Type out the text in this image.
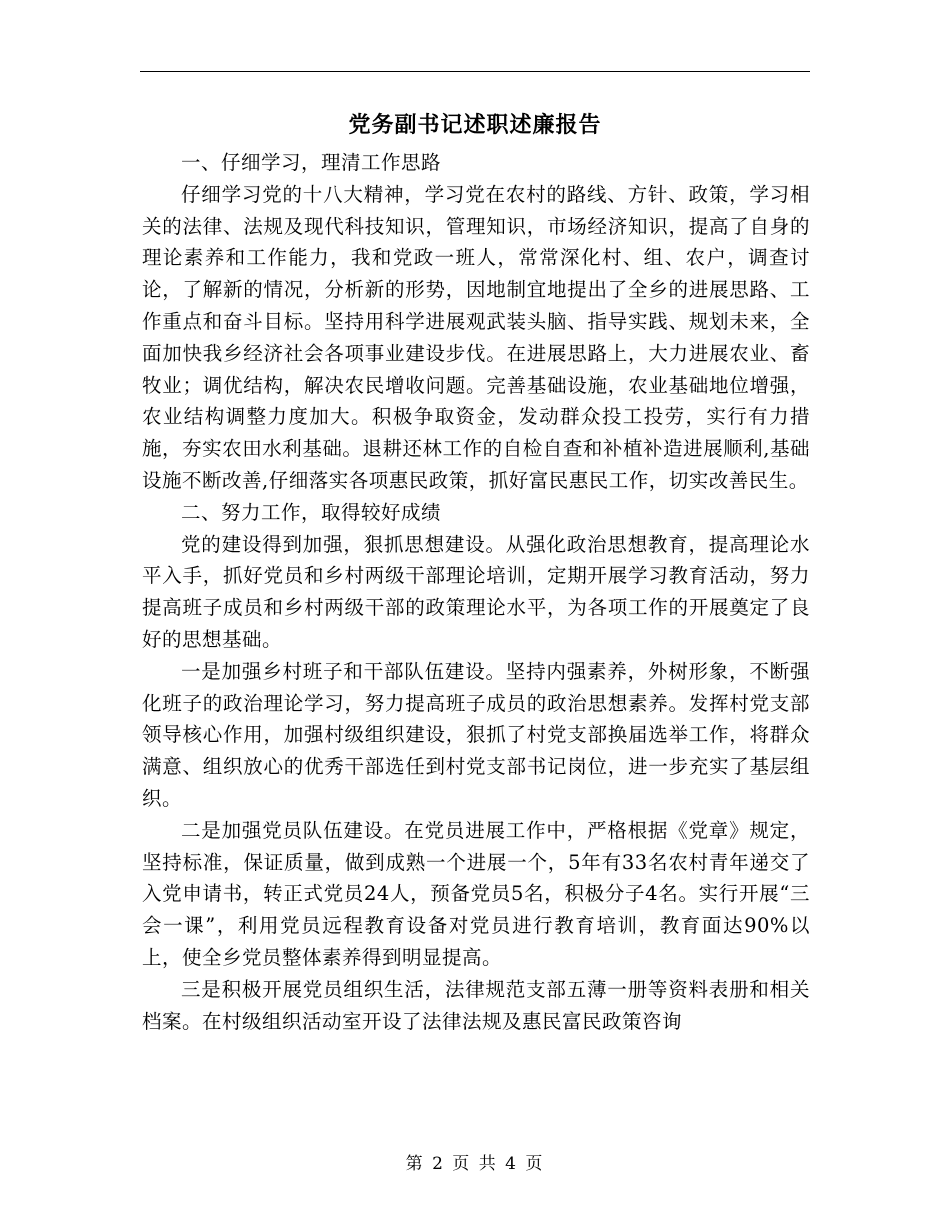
党务副书记述职述廉报告

一、仔细学习，理清工作思路

仔细学习党的十八大精神，学习党在农村的路线、方针、政策，学习相关的法律、法规及现代科技知识，管理知识，市场经济知识，提高了自身的理论素养和工作能力，我和党政一班人，常常深化村、组、农户，调查讨论，了解新的情况，分析新的形势，因地制宜地提出了全乡的进展思路、工作重点和奋斗目标。坚持用科学进展观武装头脑、指导实践、规划未来，全面加快我乡经济社会各项事业建设步伐。在进展思路上，大力进展农业、畜牧业；调优结构，解决农民增收问题。完善基础设施，农业基础地位增强，农业结构调整力度加大。积极争取资金，发动群众投工投劳，实行有力措施，夯实农田水利基础。退耕还林工作的自检自查和补植补造进展顺利,基础设施不断改善,仔细落实各项惠民政策，抓好富民惠民工作，切实改善民生。

二、努力工作，取得较好成绩

党的建设得到加强，狠抓思想建设。从强化政治思想教育，提高理论水平入手，抓好党员和乡村两级干部理论培训，定期开展学习教育活动，努力提高班子成员和乡村两级干部的政策理论水平，为各项工作的开展奠定了良好的思想基础。

一是加强乡村班子和干部队伍建设。坚持内强素养，外树形象，不断强化班子的政治理论学习，努力提高班子成员的政治思想素养。发挥村党支部领导核心作用，加强村级组织建设，狠抓了村党支部换届选举工作，将群众满意、组织放心的优秀干部选任到村党支部书记岗位，进一步充实了基层组织。

二是加强党员队伍建设。在党员进展工作中，严格根据《党章》规定，坚持标准，保证质量，做到成熟一个进展一个，5年有33名农村青年递交了入党申请书，转正式党员24人，预备党员5名，积极分子4名。实行开展“三会一课”，利用党员远程教育设备对党员进行教育培训，教育面达90%以上，使全乡党员整体素养得到明显提高。

三是积极开展党员组织生活，法律规范支部五薄一册等资料表册和相关档案。在村级组织活动室开设了法律法规及惠民富民政策咨询

第 2 页 共 4 页
